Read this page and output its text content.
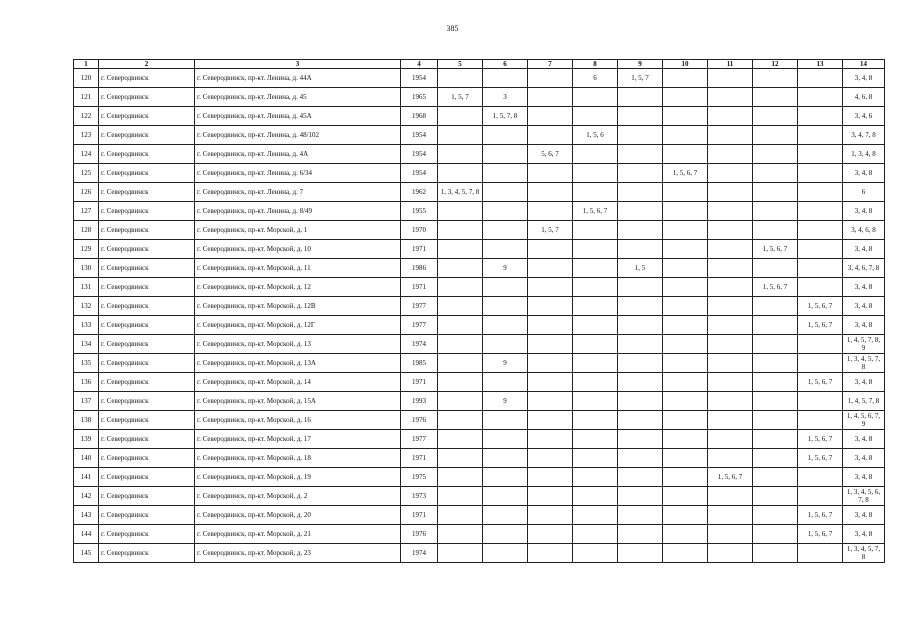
385
1	2	3	4	5	6	7	8	9	10	11	12	13	14
120	г. Северодвинск	г. Северодвинск, пр-кт. Ленина, д. 44А	1954				6	1, 5, 7					3, 4, 8
121	г. Северодвинск	г. Северодвинск, пр-кт. Ленина, д. 45	1965	1, 5, 7	3								4, 6, 8
122	г. Северодвинск	г. Северодвинск, пр-кт. Ленина, д. 45А	1968		1, 5, 7, 8								3, 4, 6
123	г. Северодвинск	г. Северодвинск, пр-кт. Ленина, д. 48/102	1954				1, 5, 6						3, 4, 7, 8
124	г. Северодвинск	г. Северодвинск, пр-кт. Ленина, д. 4А	1954			5, 6, 7							1, 3, 4, 8
125	г. Северодвинск	г. Северодвинск, пр-кт. Ленина, д. 6/34	1954						1, 5, 6, 7				3, 4, 8
126	г. Северодвинск	г. Северодвинск, пр-кт. Ленина, д. 7	1962	1, 3, 4, 5, 7, 8									6
127	г. Северодвинск	г. Северодвинск, пр-кт. Ленина, д. 8/49	1955				1, 5, 6, 7						3, 4, 8
128	г. Северодвинск	г. Северодвинск, пр-кт. Морской, д. 1	1970			1, 5, 7							3, 4, 6, 8
129	г. Северодвинск	г. Северодвинск, пр-кт. Морской, д. 10	1971								1, 5, 6, 7		3, 4, 8
130	г. Северодвинск	г. Северодвинск, пр-кт. Морской, д. 11	1986		9			1, 5					3, 4, 6, 7, 8
131	г. Северодвинск	г. Северодвинск, пр-кт. Морской, д. 12	1971								1, 5, 6, 7		3, 4, 8
132	г. Северодвинск	г. Северодвинск, пр-кт. Морской, д. 12В	1977									1, 5, 6, 7	3, 4, 8
133	г. Северодвинск	г. Северодвинск, пр-кт. Морской, д. 12Г	1977									1, 5, 6, 7	3, 4, 8
134	г. Северодвинск	г. Северодвинск, пр-кт. Морской, д. 13	1974										1, 4, 5, 7, 8, 9
135	г. Северодвинск	г. Северодвинск, пр-кт. Морской, д. 13А	1985		9								1, 3, 4, 5, 7, 8
136	г. Северодвинск	г. Северодвинск, пр-кт. Морской, д. 14	1971									1, 5, 6, 7	3, 4, 8
137	г. Северодвинск	г. Северодвинск, пр-кт. Морской, д. 15А	1993		9								1, 4, 5, 7, 8
138	г. Северодвинск	г. Северодвинск, пр-кт. Морской, д. 16	1976										1, 4, 5, 6, 7, 9
139	г. Северодвинск	г. Северодвинск, пр-кт. Морской, д. 17	1977									1, 5, 6, 7	3, 4, 8
140	г. Северодвинск	г. Северодвинск, пр-кт. Морской, д. 18	1971									1, 5, 6, 7	3, 4, 8
141	г. Северодвинск	г. Северодвинск, пр-кт. Морской, д. 19	1975							1, 5, 6, 7			3, 4, 8
142	г. Северодвинск	г. Северодвинск, пр-кт. Морской, д. 2	1973										1, 3, 4, 5, 6, 7, 8
143	г. Северодвинск	г. Северодвинск, пр-кт. Морской, д. 20	1971									1, 5, 6, 7	3, 4, 8
144	г. Северодвинск	г. Северодвинск, пр-кт. Морской, д. 21	1976									1, 5, 6, 7	3, 4, 8
145	г. Северодвинск	г. Северодвинск, пр-кт. Морской, д. 23	1974										1, 3, 4, 5, 7, 8
